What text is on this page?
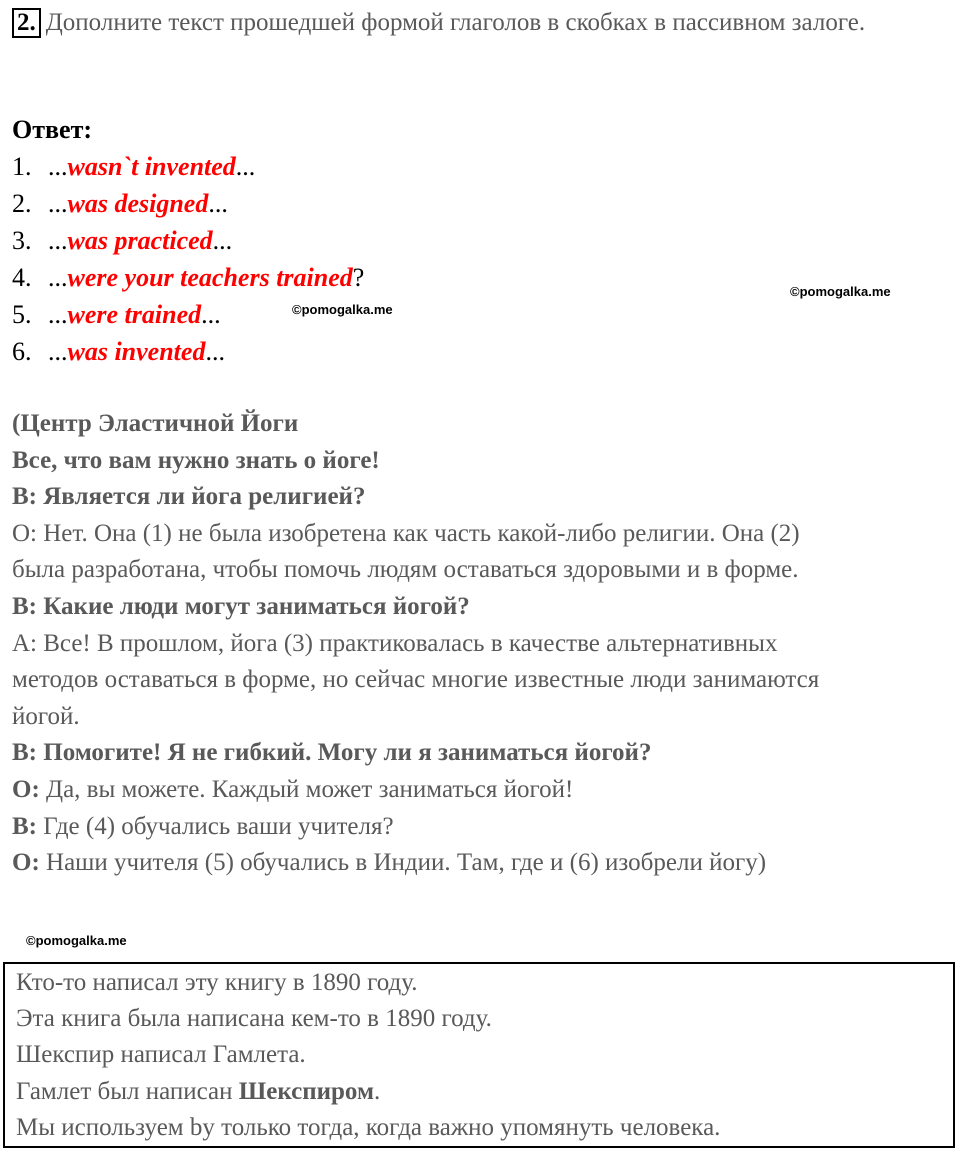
2. Дополните текст прошедшей формой глаголов в скобках в пассивном залоге.
Ответ:
1. ...wasn`t invented...
2. ...was designed...
3. ...was practiced...
4. ...were your teachers trained?
5. ...were trained...
6. ...was invented...
©pomogalka.me
©pomogalka.me
(Центр Эластичной Йоги
Все, что вам нужно знать о йоге!
В: Является ли йога религией?
О: Нет. Она (1) не была изобретена как часть какой-либо религии. Она (2)
была разработана, чтобы помочь людям оставаться здоровыми и в форме.
В: Какие люди могут заниматься йогой?
А: Все! В прошлом, йога (3) практиковалась в качестве альтернативных
методов оставаться в форме, но сейчас многие известные люди занимаются
йогой.
В: Помогите! Я не гибкий. Могу ли я заниматься йогой?
О: Да, вы можете. Каждый может заниматься йогой!
В: Где (4) обучались ваши учителя?
О: Наши учителя (5) обучались в Индии. Там, где и (6) изобрели йогу)
©pomogalka.me
Кто-то написал эту книгу в 1890 году.
Эта книга была написана кем-то в 1890 году.
Шекспир написал Гамлета.
Гамлет был написан Шекспиром.
Мы используем by только тогда, когда важно упомянуть человека.
